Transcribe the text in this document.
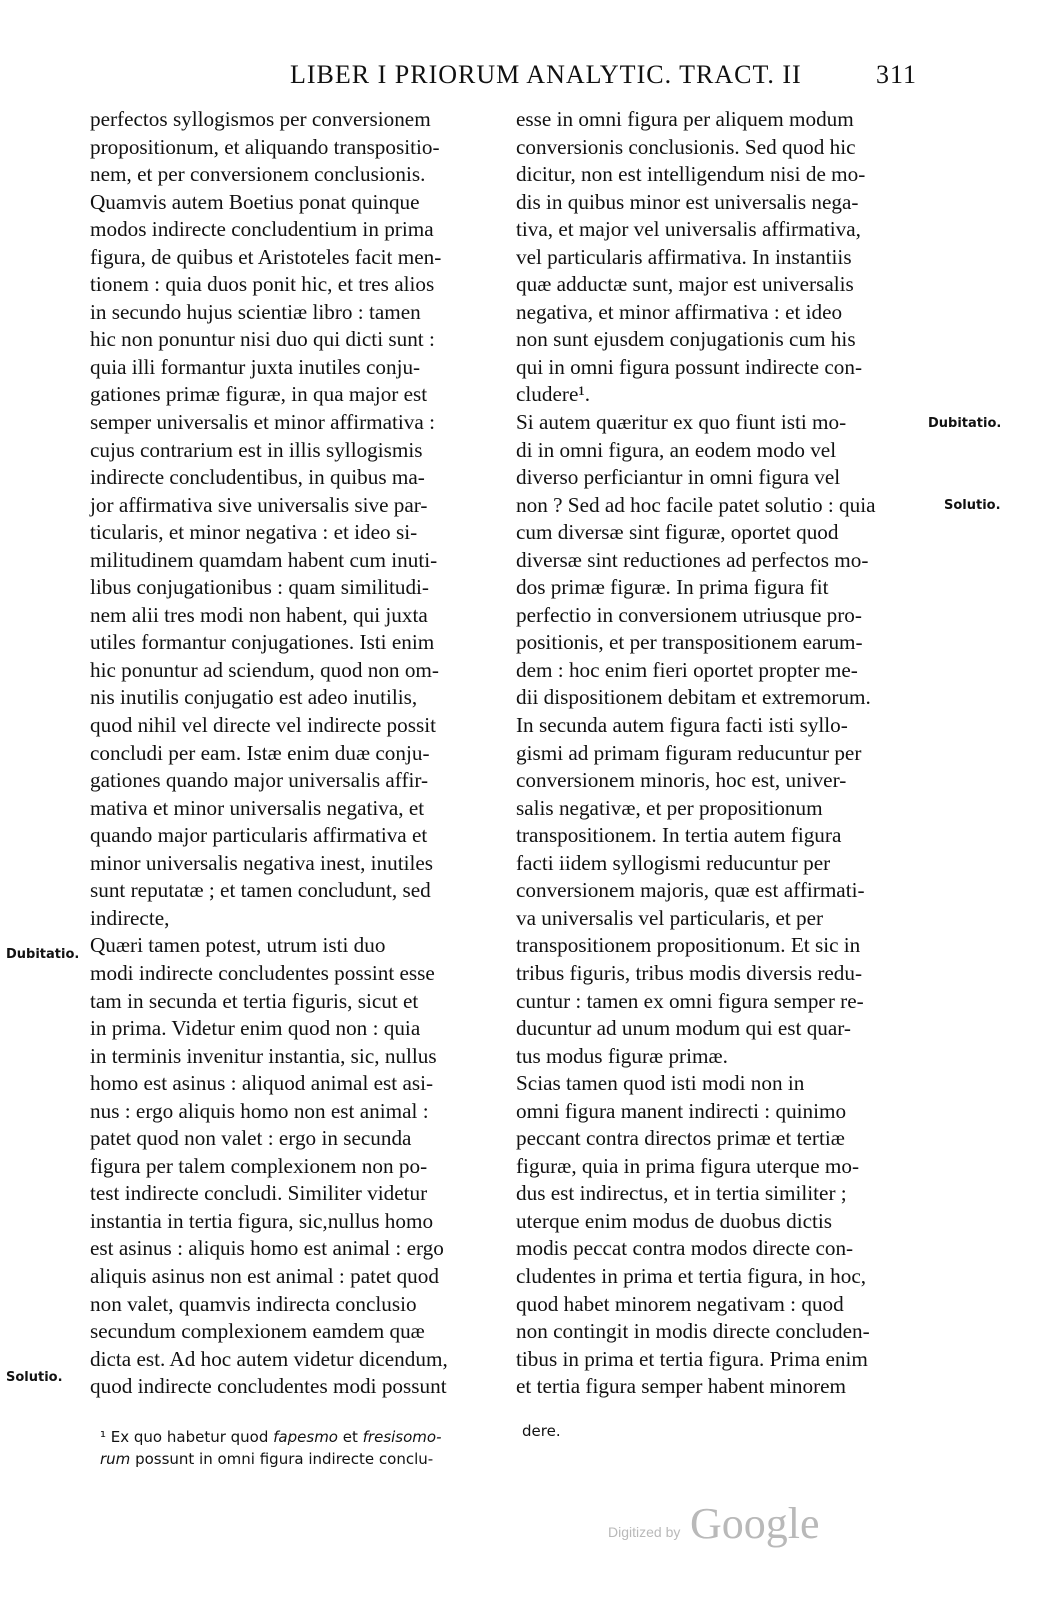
LIBER I PRIORUM ANALYTIC. TRACT. II	311
perfectos syllogismos per conversionem
propositionum, et aliquando transpositio-
nem, et per conversionem conclusionis.
Quamvis autem Boetius ponat quinque
modos indirecte concludentium in prima
figura, de quibus et Aristoteles facit men-
tionem : quia duos ponit hic, et tres alios
in secundo hujus scientiæ libro : tamen
hic non ponuntur nisi duo qui dicti sunt :
quia illi formantur juxta inutiles conju-
gationes primæ figuræ, in qua major est
semper universalis et minor affirmativa :
cujus contrarium est in illis syllogismis
indirecte concludentibus, in quibus ma-
jor affirmativa sive universalis sive par-
ticularis, et minor negativa : et ideo si-
militudinem quamdam habent cum inuti-
libus conjugationibus : quam similitudi-
nem alii tres modi non habent, qui juxta
utiles formantur conjugationes. Isti enim
hic ponuntur ad sciendum, quod non om-
nis inutilis conjugatio est adeo inutilis,
quod nihil vel directe vel indirecte possit
concludi per eam. Istæ enim duæ conju-
gationes quando major universalis affir-
mativa et minor universalis negativa, et
quando major particularis affirmativa et
minor universalis negativa inest, inutiles
sunt reputatæ ; et tamen concludunt, sed
indirecte,
Quæri tamen potest, utrum isti duo
modi indirecte concludentes possint esse
tam in secunda et tertia figuris, sicut et
in prima. Videtur enim quod non : quia
in terminis invenitur instantia, sic, nullus
homo est asinus : aliquod animal est asi-
nus : ergo aliquis homo non est animal :
patet quod non valet : ergo in secunda
figura per talem complexionem non po-
test indirecte concludi. Similiter videtur
instantia in tertia figura, sic,nullus homo
est asinus : aliquis homo est animal : ergo
aliquis asinus non est animal : patet quod
non valet, quamvis indirecta conclusio
secundum complexionem eamdem quæ
dicta est. Ad hoc autem videtur dicendum,
quod indirecte concludentes modi possunt
esse in omni figura per aliquem modum
conversionis conclusionis. Sed quod hic
dicitur, non est intelligendum nisi de mo-
dis in quibus minor est universalis nega-
tiva, et major vel universalis affirmativa,
vel particularis affirmativa. In instantiis
quæ adductæ sunt, major est universalis
negativa, et minor affirmativa : et ideo
non sunt ejusdem conjugationis cum his
qui in omni figura possunt indirecte con-
cludere¹.
Si autem quæritur ex quo fiunt isti mo-
di in omni figura, an eodem modo vel
diverso perficiantur in omni figura vel
non ? Sed ad hoc facile patet solutio : quia
cum diversæ sint figuræ, oportet quod
diversæ sint reductiones ad perfectos mo-
dos primæ figuræ. In prima figura fit
perfectio in conversionem utriusque pro-
positionis, et per transpositionem earum-
dem : hoc enim fieri oportet propter me-
dii dispositionem debitam et extremorum.
In secunda autem figura facti isti syllo-
gismi ad primam figuram reducuntur per
conversionem minoris, hoc est, univer-
salis negativæ, et per propositionum
transpositionem. In tertia autem figura
facti iidem syllogismi reducuntur per
conversionem majoris, quæ est affirmati-
va universalis vel particularis, et per
transpositionem propositionum. Et sic in
tribus figuris, tribus modis diversis redu-
cuntur : tamen ex omni figura semper re-
ducuntur ad unum modum qui est quar-
tus modus figuræ primæ.
Scias tamen quod isti modi non in
omni figura manent indirecti : quinimo
peccant contra directos primæ et tertiæ
figuræ, quia in prima figura uterque mo-
dus est indirectus, et in tertia similiter ;
uterque enim modus de duobus dictis
modis peccat contra modos directe con-
cludentes in prima et tertia figura, in hoc,
quod habet minorem negativam : quod
non contingit in modis directe concluden-
tibus in prima et tertia figura. Prima enim
et tertia figura semper habent minorem
Dubitatio.
Solutio.
Dubitatio.
Solutio.
¹ Ex quo habetur quod fapesmo et fresisomo-
rum possunt in omni figura indirecte conclu-
dere.
Digitized by Google
